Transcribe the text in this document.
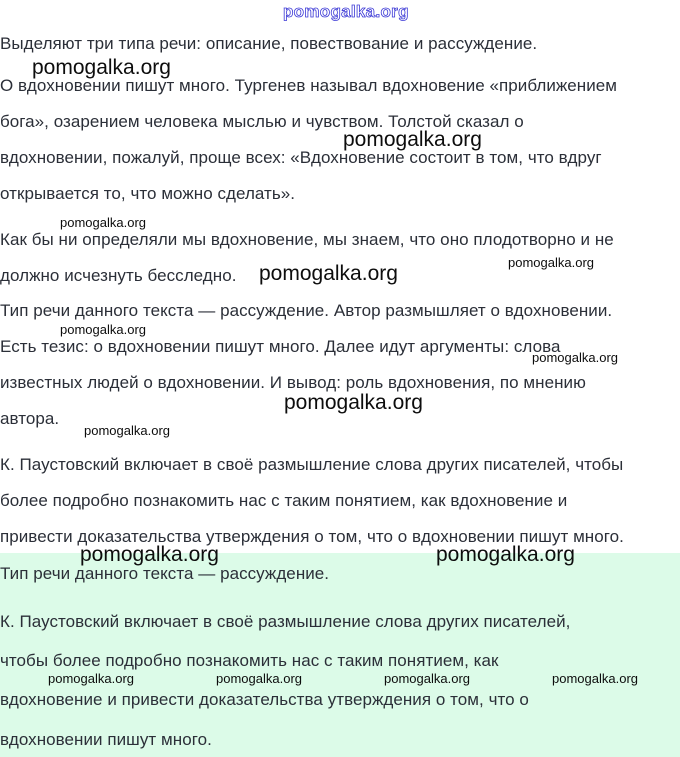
Выделяют три типа речи: описание, повествование и рассуждение.
О вдохновении пишут много. Тургенев называл вдохновение «приближением
бога», озарением человека мыслью и чувством. Толстой сказал о
вдохновении, пожалуй, проще всех: «Вдохновение состоит в том, что вдруг
открывается то, что можно сделать».
Как бы ни определяли мы вдохновение, мы знаем, что оно плодотворно и не
должно исчезнуть бесследно.
Тип речи данного текста — рассуждение. Автор размышляет о вдохновении.
Есть тезис: о вдохновении пишут много. Далее идут аргументы: слова
известных людей о вдохновении. И вывод: роль вдохновения, по мнению
автора.
К. Паустовский включает в своё размышление слова других писателей, чтобы
более подробно познакомить нас с таким понятием, как вдохновение и
привести доказательства утверждения о том, что о вдохновении пишут много.
Тип речи данного текста — рассуждение.
К. Паустовский включает в своё размышление слова других писателей,
чтобы более подробно познакомить нас с таким понятием, как
вдохновение и привести доказательства утверждения о том, что о
вдохновении пишут много.
pomogalka.org
pomogalka.org
pomogalka.org
pomogalka.org
pomogalka.org
pomogalka.org
pomogalka.org
pomogalka.org
pomogalka.org
pomogalka.org
pomogalka.org	pomogalka.org
pomogalka.org	pomogalka.org	pomogalka.org	pomogalka.org
